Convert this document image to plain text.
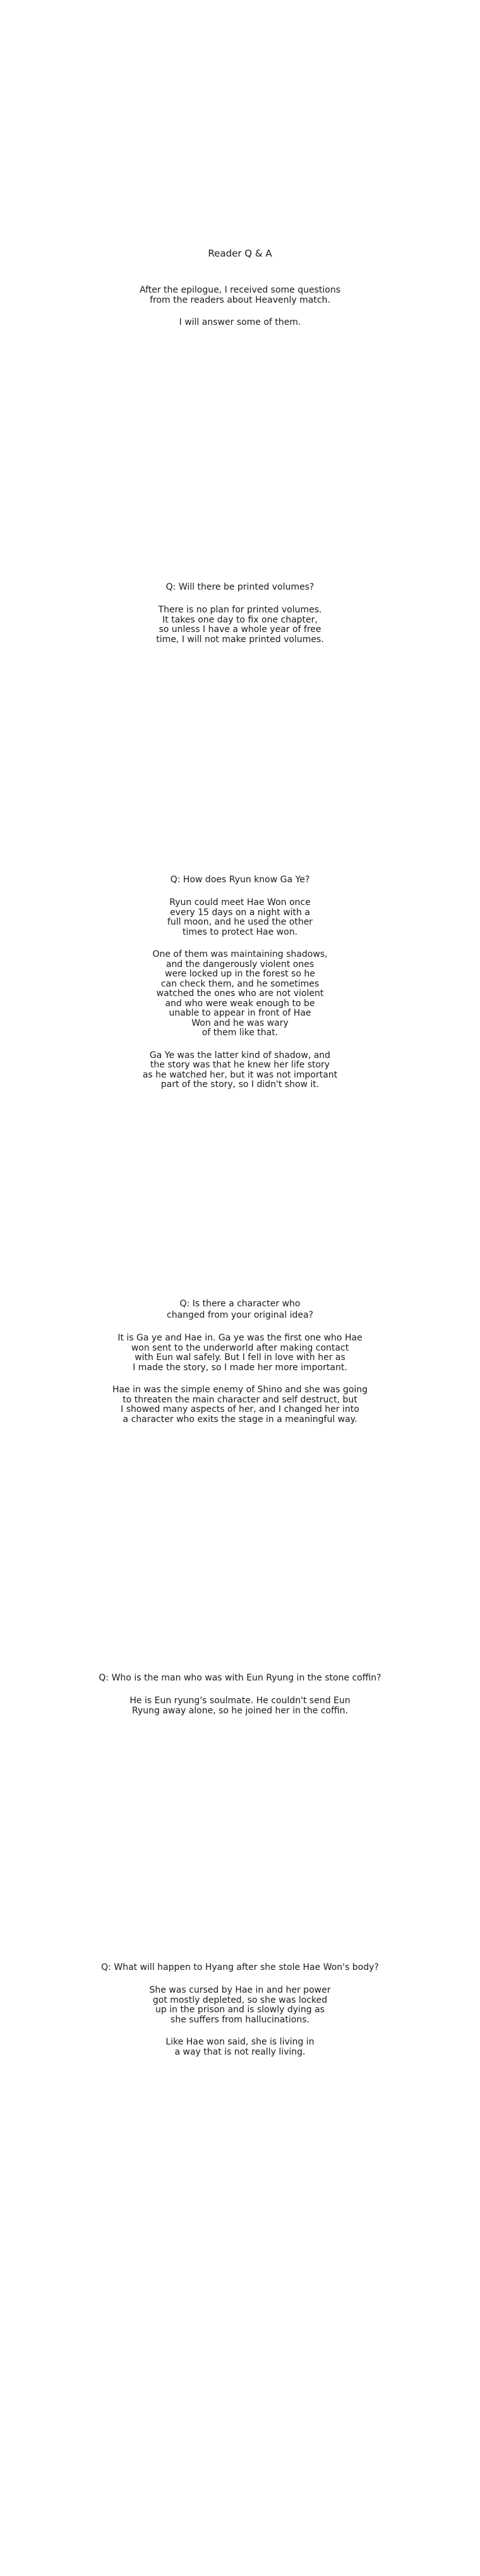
Reader Q & A

After the epilogue, I received some questions
from the readers about Heavenly match.

I will answer some of them.

Q: Will there be printed volumes?

There is no plan for printed volumes.
It takes one day to fix one chapter,
so unless I have a whole year of free
time, I will not make printed volumes.

Q: How does Ryun know Ga Ye?

Ryun could meet Hae Won once
every 15 days on a night with a
full moon, and he used the other
times to protect Hae won.

One of them was maintaining shadows,
and the dangerously violent ones
were locked up in the forest so he
can check them, and he sometimes
watched the ones who are not violent
and who were weak enough to be
unable to appear in front of Hae
Won and he was wary
of them like that.

Ga Ye was the latter kind of shadow, and
the story was that he knew her life story
as he watched her, but it was not important
part of the story, so I didn't show it.

Q: Is there a character who
changed from your original idea?

It is Ga ye and Hae in. Ga ye was the first one who Hae
won sent to the underworld after making contact
with Eun wal safely. But I fell in love with her as
I made the story, so I made her more important.

Hae in was the simple enemy of Shino and she was going
to threaten the main character and self destruct, but
I showed many aspects of her, and I changed her into
a character who exits the stage in a meaningful way.

Q: Who is the man who was with Eun Ryung in the stone coffin?

He is Eun ryung's soulmate. He couldn't send Eun
Ryung away alone, so he joined her in the coffin.

Q: What will happen to Hyang after she stole Hae Won's body?

She was cursed by Hae in and her power
got mostly depleted, so she was locked
up in the prison and is slowly dying as
she suffers from hallucinations.

Like Hae won said, she is living in
a way that is not really living.
